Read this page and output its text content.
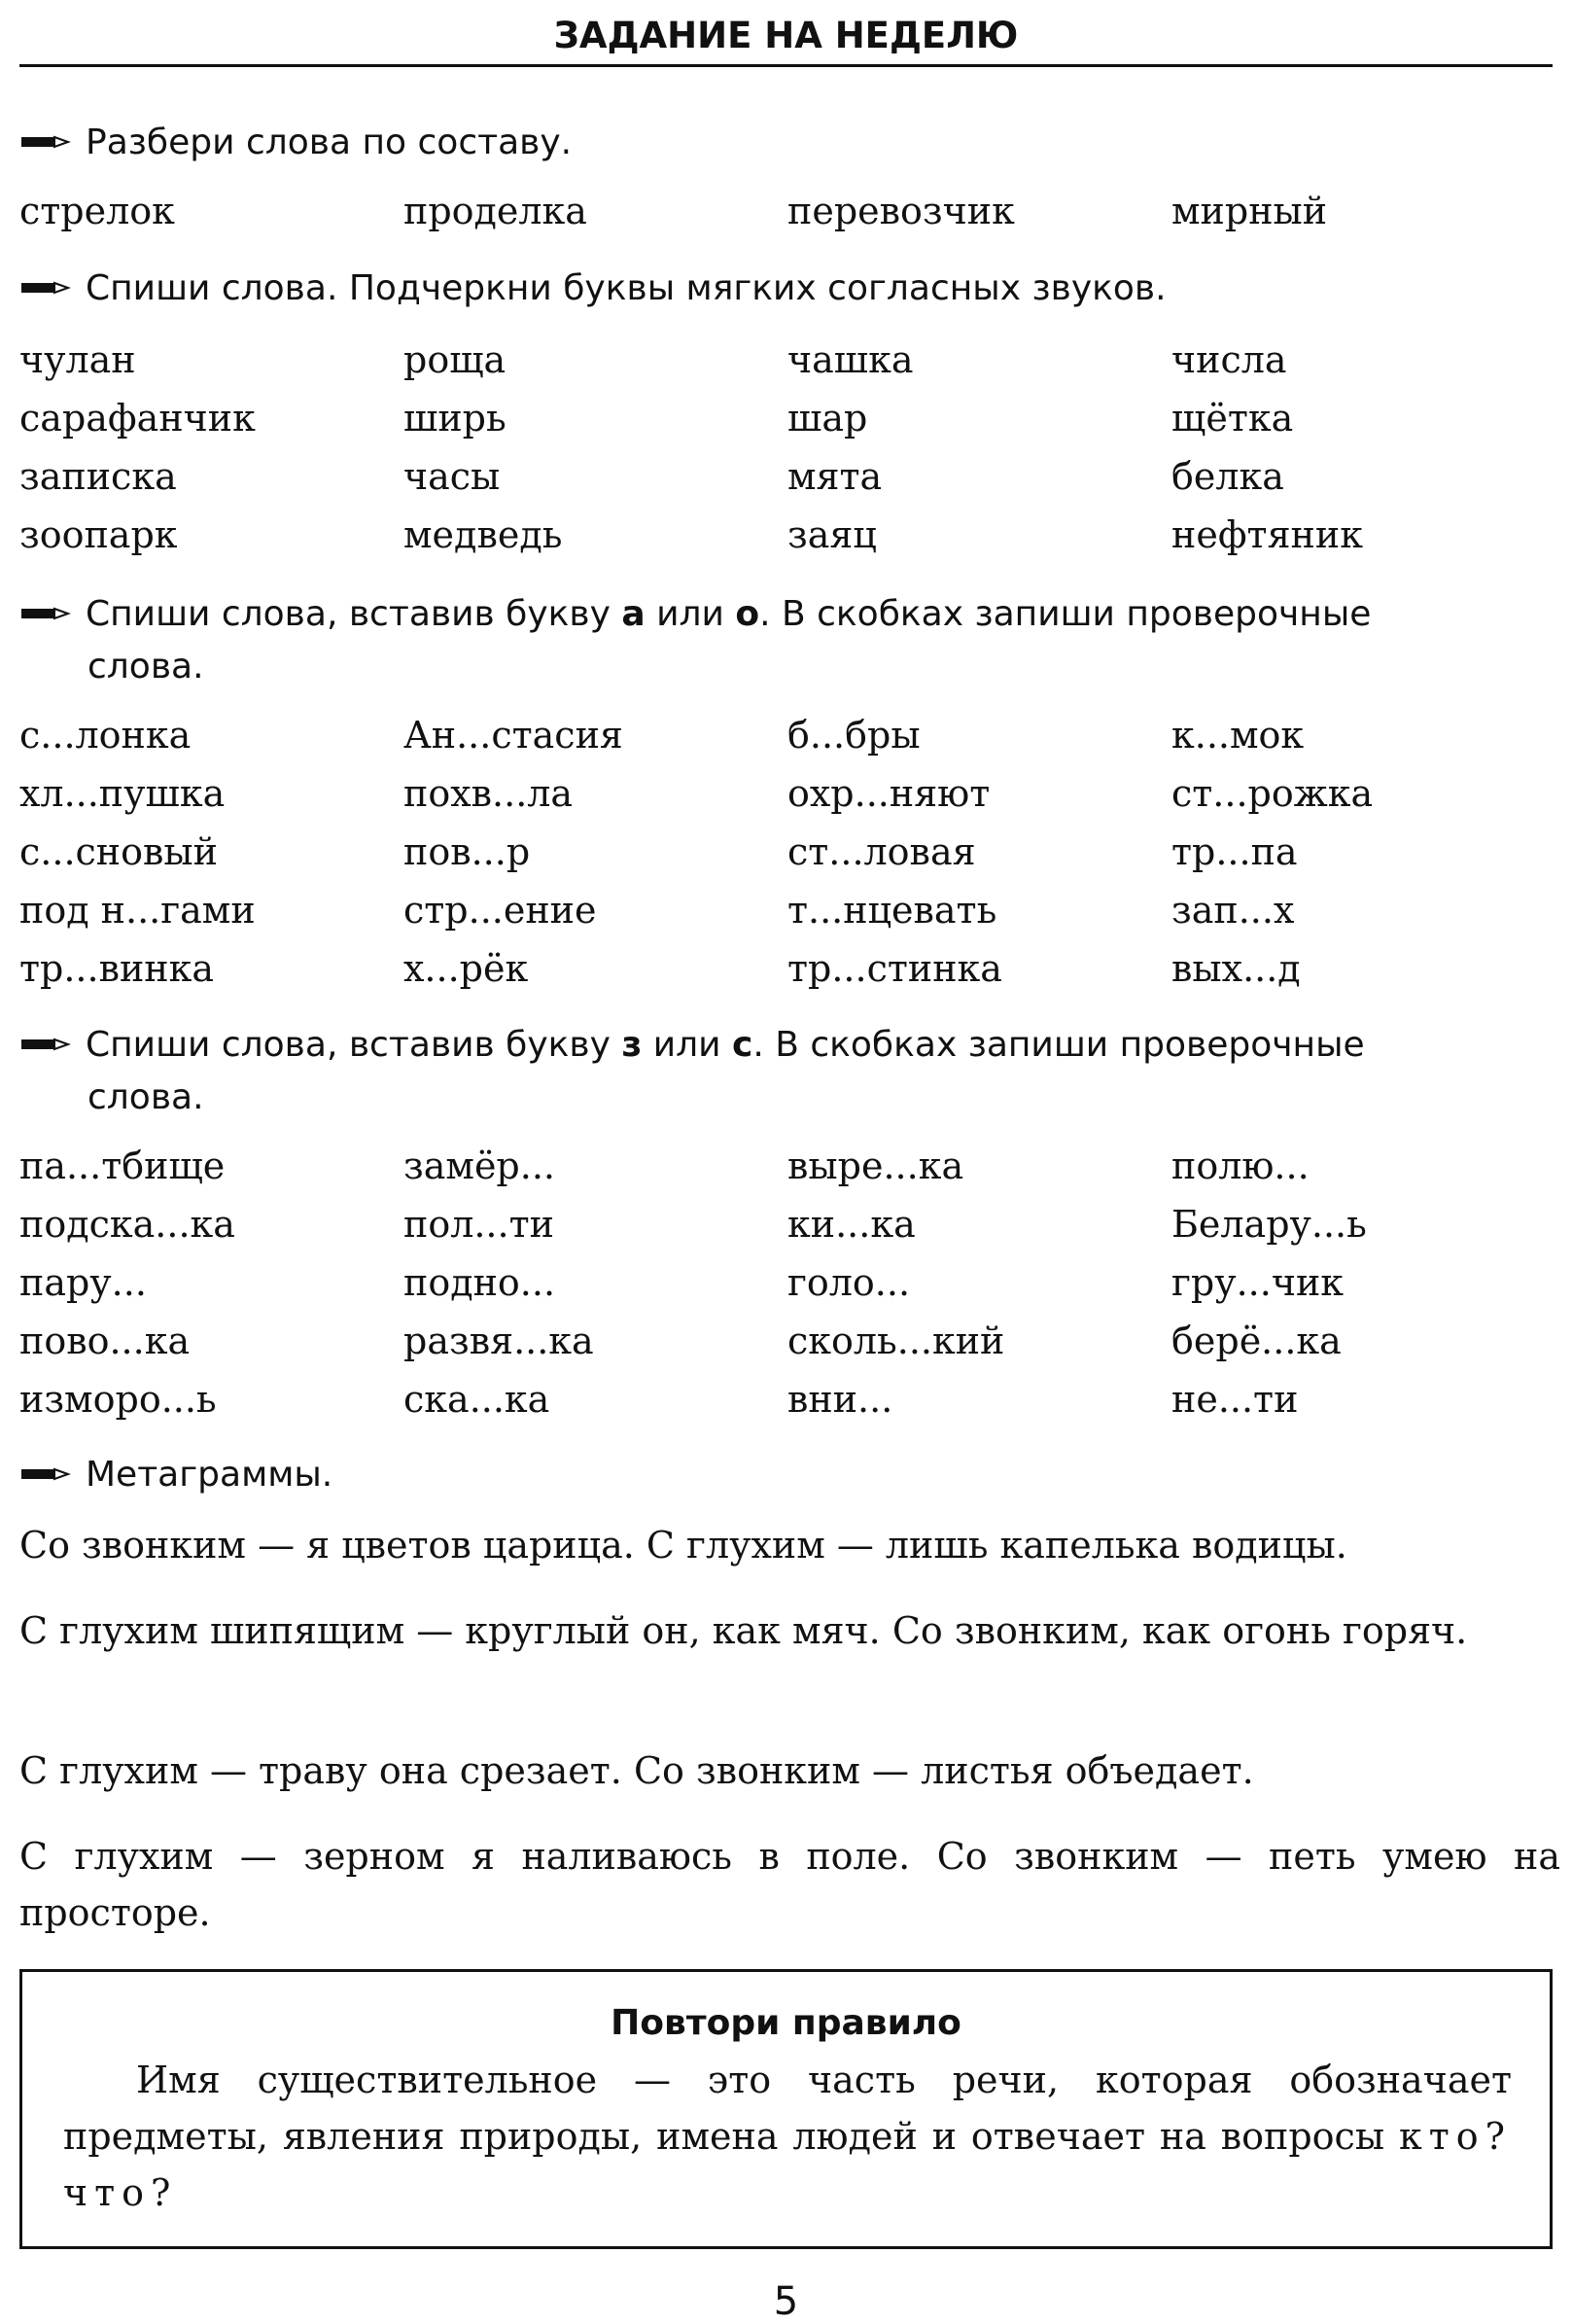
ЗАДАНИЕ НА НЕДЕЛЮ
Разбери слова по составу.
стрелок	проделка	перевозчик	мирный
Спиши слова. Подчеркни буквы мягких согласных звуков.
чулан	роща	чашка	числа
сарафанчик	ширь	шар	щётка
записка	часы	мята	белка
зоопарк	медведь	заяц	нефтяник
Спиши слова, вставив букву а или о. В скобках запиши проверочные
слова.
с...лонка	Ан...стасия	б...бры	к...мок
хл...пушка	похв...ла	охр...няют	ст...рожка
с...сновый	пов...р	ст...ловая	тр...па
под н...гами	стр...ение	т...нцевать	зап...х
тр...винка	х...рёк	тр...стинка	вых...д
Спиши слова, вставив букву з или с. В скобках запиши проверочные
слова.
па...тбище	замёр...	выре...ка	полю...
подска...ка	пол...ти	ки...ка	Белару...ь
пару...	подно...	голо...	гру...чик
пово...ка	развя...ка	сколь...кий	берё...ка
изморо...ь	ска...ка	вни...	не...ти
Метаграммы.
Со звонким — я цветов царица. С глухим — лишь капелька водицы.
С глухим шипящим — круглый он, как мяч. Со звонким, как огонь горяч.
С глухим — траву она срезает. Со звонким — листья объедает.
С глухим — зерном я наливаюсь в поле. Со звонким — петь умею на просторе.
Повтори правило
Имя существительное — это часть речи, которая обозначает предметы, явления природы, имена людей и отвечает на вопросы кто? что?
5
